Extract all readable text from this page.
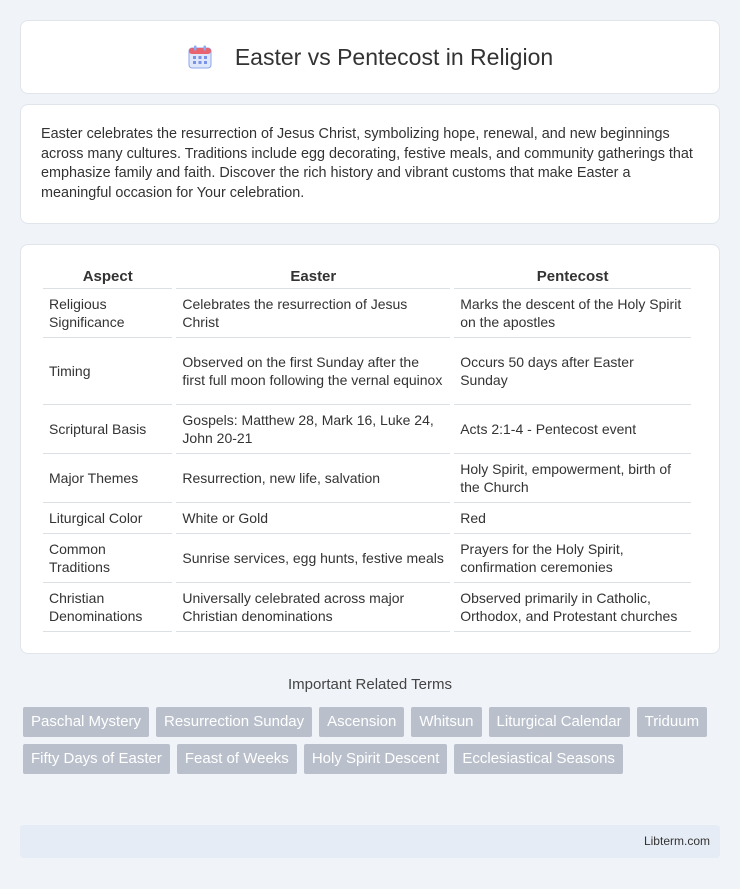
Easter vs Pentecost in Religion

Easter celebrates the resurrection of Jesus Christ, symbolizing hope, renewal, and new beginnings across many cultures. Traditions include egg decorating, festive meals, and community gatherings that emphasize family and faith. Discover the rich history and vibrant customs that make Easter a meaningful occasion for Your celebration.

Aspect	Easter	Pentecost
Religious Significance	Celebrates the resurrection of Jesus Christ	Marks the descent of the Holy Spirit on the apostles
Timing	Observed on the first Sunday after the first full moon following the vernal equinox	Occurs 50 days after Easter Sunday
Scriptural Basis	Gospels: Matthew 28, Mark 16, Luke 24, John 20-21	Acts 2:1-4 - Pentecost event
Major Themes	Resurrection, new life, salvation	Holy Spirit, empowerment, birth of the Church
Liturgical Color	White or Gold	Red
Common Traditions	Sunrise services, egg hunts, festive meals	Prayers for the Holy Spirit, confirmation ceremonies
Christian Denominations	Universally celebrated across major Christian denominations	Observed primarily in Catholic, Orthodox, and Protestant churches
Important Related Terms
Paschal Mystery	Resurrection Sunday	Ascension	Whitsun	Liturgical Calendar	Triduum
Fifty Days of Easter	Feast of Weeks	Holy Spirit Descent	Ecclesiastical Seasons
Libterm.com
